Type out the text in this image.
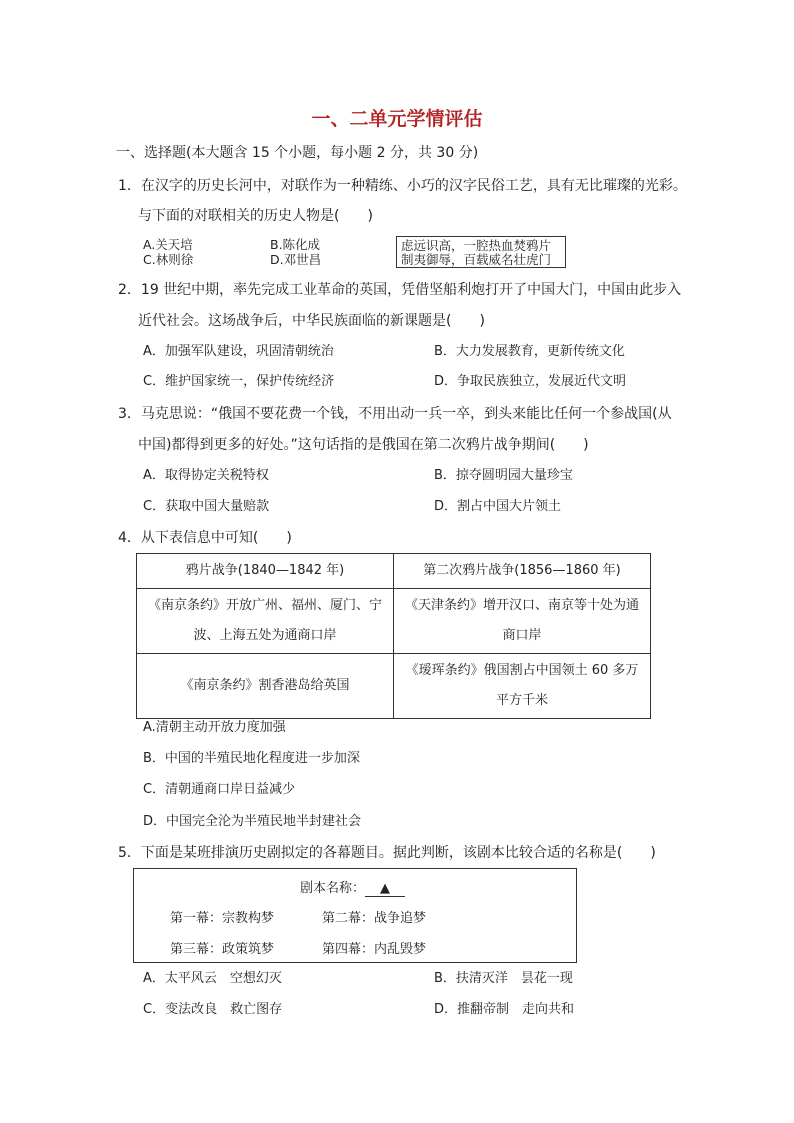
一、二单元学情评估
一、选择题(本大题含 15 个小题，每小题 2 分，共 30 分)
1．在汉字的历史长河中，对联作为一种精练、小巧的汉字民俗工艺，具有无比璀璨的光彩。
与下面的对联相关的历史人物是(　　)
A.关天培	B.陈化成
C.林则徐	D.邓世昌
虑远识高，一腔热血焚鸦片
制夷御辱，百载威名壮虎门
2．19 世纪中期，率先完成工业革命的英国，凭借坚船利炮打开了中国大门，中国由此步入
近代社会。这场战争后，中华民族面临的新课题是(　　)
A．加强军队建设，巩固清朝统治	B．大力发展教育，更新传统文化
C．维护国家统一，保护传统经济	D．争取民族独立，发展近代文明
3．马克思说：“俄国不要花费一个钱，不用出动一兵一卒，到头来能比任何一个参战国(从
中国)都得到更多的好处。”这句话指的是俄国在第二次鸦片战争期间(　　)
A．取得协定关税特权	B．掠夺圆明园大量珍宝
C．获取中国大量赔款	D．割占中国大片领土
4．从下表信息中可知(　　)
鸦片战争(1840—1842 年)	第二次鸦片战争(1856—1860 年)
《南京条约》开放广州、福州、厦门、宁波、上海五处为通商口岸	《天津条约》增开汉口、南京等十处为通商口岸
《南京条约》割香港岛给英国	《瑷珲条约》俄国割占中国领土 60 多万平方千米
A.清朝主动开放力度加强
B．中国的半殖民地化程度进一步加深
C．清朝通商口岸日益减少
D．中国完全沦为半殖民地半封建社会
5．下面是某班排演历史剧拟定的各幕题目。据此判断，该剧本比较合适的名称是(　　)
剧本名称： ▲
第一幕：宗教构梦	第二幕：战争追梦
第三幕：政策筑梦	第四幕：内乱毁梦
A．太平风云　空想幻灭	B．扶清灭洋　昙花一现
C．变法改良　救亡图存	D．推翻帝制　走向共和
